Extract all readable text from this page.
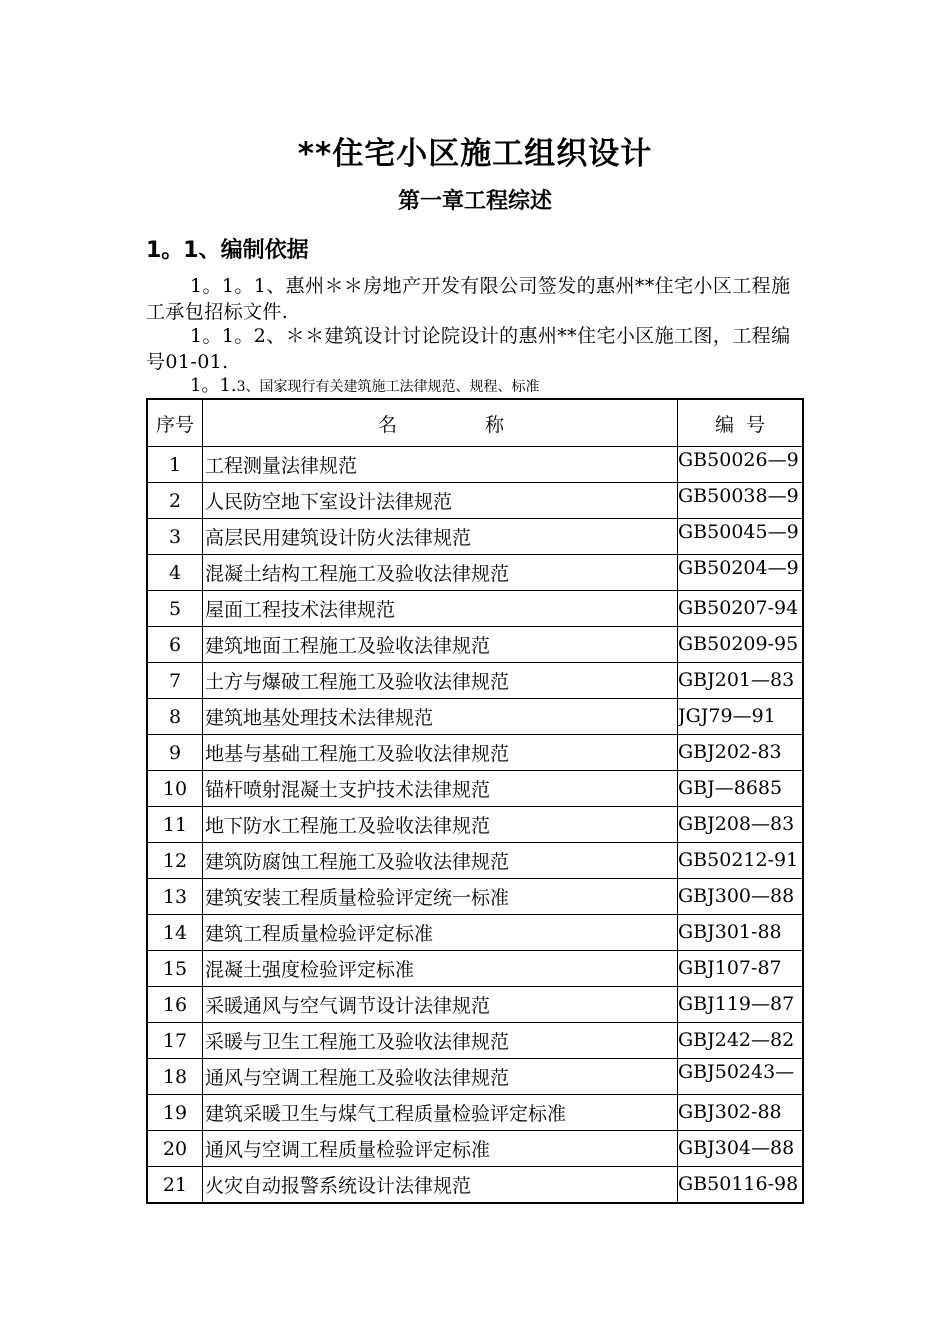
**住宅小区施工组织设计
第一章工程综述
1。1、编制依据
1。1。1、惠州＊＊房地产开发有限公司签发的惠州**住宅小区工程施工承包招标文件.
1。1。2、＊＊建筑设计讨论院设计的惠州**住宅小区施工图，工程编号01-01.
1。1.3、国家现行有关建筑施工法律规范、规程、标准
序号	名 称	编 号
1	工程测量法律规范	GB50026—9

2	人民防空地下室设计法律规范	GB50038—9

3	高层民用建筑设计防火法律规范	GB50045—9

4	混凝土结构工程施工及验收法律规范	GB50204—9

5	屋面工程技术法律规范	GB50207-94

6	建筑地面工程施工及验收法律规范	GB50209-95

7	土方与爆破工程施工及验收法律规范	GBJ201—83

8	建筑地基处理技术法律规范	JGJ79—91

9	地基与基础工程施工及验收法律规范	GBJ202-83

10	锚杆喷射混凝土支护技术法律规范	GBJ—8685

11	地下防水工程施工及验收法律规范	GBJ208—83

12	建筑防腐蚀工程施工及验收法律规范	GB50212-91

13	建筑安装工程质量检验评定统一标准	GBJ300—88

14	建筑工程质量检验评定标准	GBJ301-88

15	混凝土强度检验评定标准	GBJ107-87

16	采暖通风与空气调节设计法律规范	GBJ119—87

17	采暖与卫生工程施工及验收法律规范	GBJ242—82

18	通风与空调工程施工及验收法律规范	GBJ50243—

19	建筑采暖卫生与煤气工程质量检验评定标准	GBJ302-88

20	通风与空调工程质量检验评定标准	GBJ304—88

21	火灾自动报警系统设计法律规范	GB50116-98
